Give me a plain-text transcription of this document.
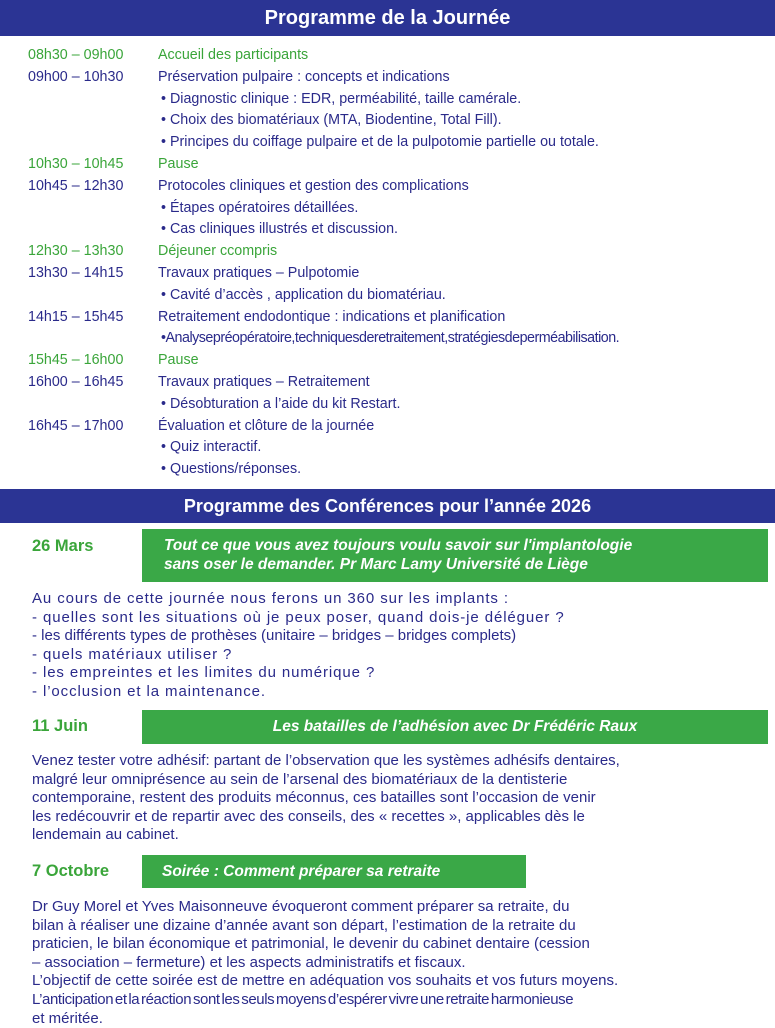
Programme de la Journée
08h30 – 09h00	Accueil des participants
09h00 – 10h30	Préservation pulpaire : concepts et indications
• Diagnostic clinique : EDR, perméabilité, taille camérale.
• Choix des biomatériaux (MTA, Biodentine, Total Fill).
• Principes du coiffage pulpaire et de la pulpotomie partielle ou totale.
10h30 – 10h45	Pause
10h45 – 12h30	Protocoles cliniques et gestion des complications
• Étapes opératoires détaillées.
• Cas cliniques illustrés et discussion.
12h30 – 13h30	Déjeuner ccompris
13h30 – 14h15	Travaux pratiques – Pulpotomie
• Cavité d’accès , application du biomatériau.
14h15 – 15h45	Retraitement endodontique : indications et planification
•Analysepréopératoire,techniquesderetraitement,stratégiesdeperméabilisation.
15h45 – 16h00	Pause
16h00 – 16h45	Travaux pratiques – Retraitement
• Désobturation a l’aide du kit Restart.
16h45 – 17h00	Évaluation et clôture de la journée
• Quiz interactif.
• Questions/réponses.
Programme des Conférences pour l’année 2026
26 Mars	Tout ce que vous avez toujours voulu savoir sur l'implantologie
sans oser le demander. Pr Marc Lamy Université de Liège
Au cours de cette journée nous ferons un 360 sur les implants :
- quelles sont les situations où je peux poser, quand dois-je déléguer ?
- les différents types de prothèses (unitaire – bridges – bridges complets)
- quels matériaux utiliser ?
- les empreintes et les limites du numérique ?
- l’occlusion et la maintenance.
11 Juin	Les batailles de l’adhésion avec Dr Frédéric Raux
Venez tester votre adhésif: partant de l’observation que les systèmes adhésifs dentaires,
malgré leur omniprésence au sein de l’arsenal des biomatériaux de la dentisterie
contemporaine, restent des produits méconnus, ces batailles sont l’occasion de venir
les redécouvrir et de repartir avec des conseils, des « recettes », applicables dès le
lendemain au cabinet.
7 Octobre	Soirée : Comment préparer sa retraite
Dr Guy Morel et Yves Maisonneuve évoqueront comment préparer sa retraite, du
bilan à réaliser une dizaine d’année avant son départ, l’estimation de la retraite du
praticien, le bilan économique et patrimonial, le devenir du cabinet dentaire (cession
– association – fermeture) et les aspects administratifs et fiscaux.
L’objectif de cette soirée est de mettre en adéquation vos souhaits et vos futurs moyens.
L’anticipation et la réaction sont les seuls moyens d’espérer vivre une retraite harmonieuse
et méritée.
